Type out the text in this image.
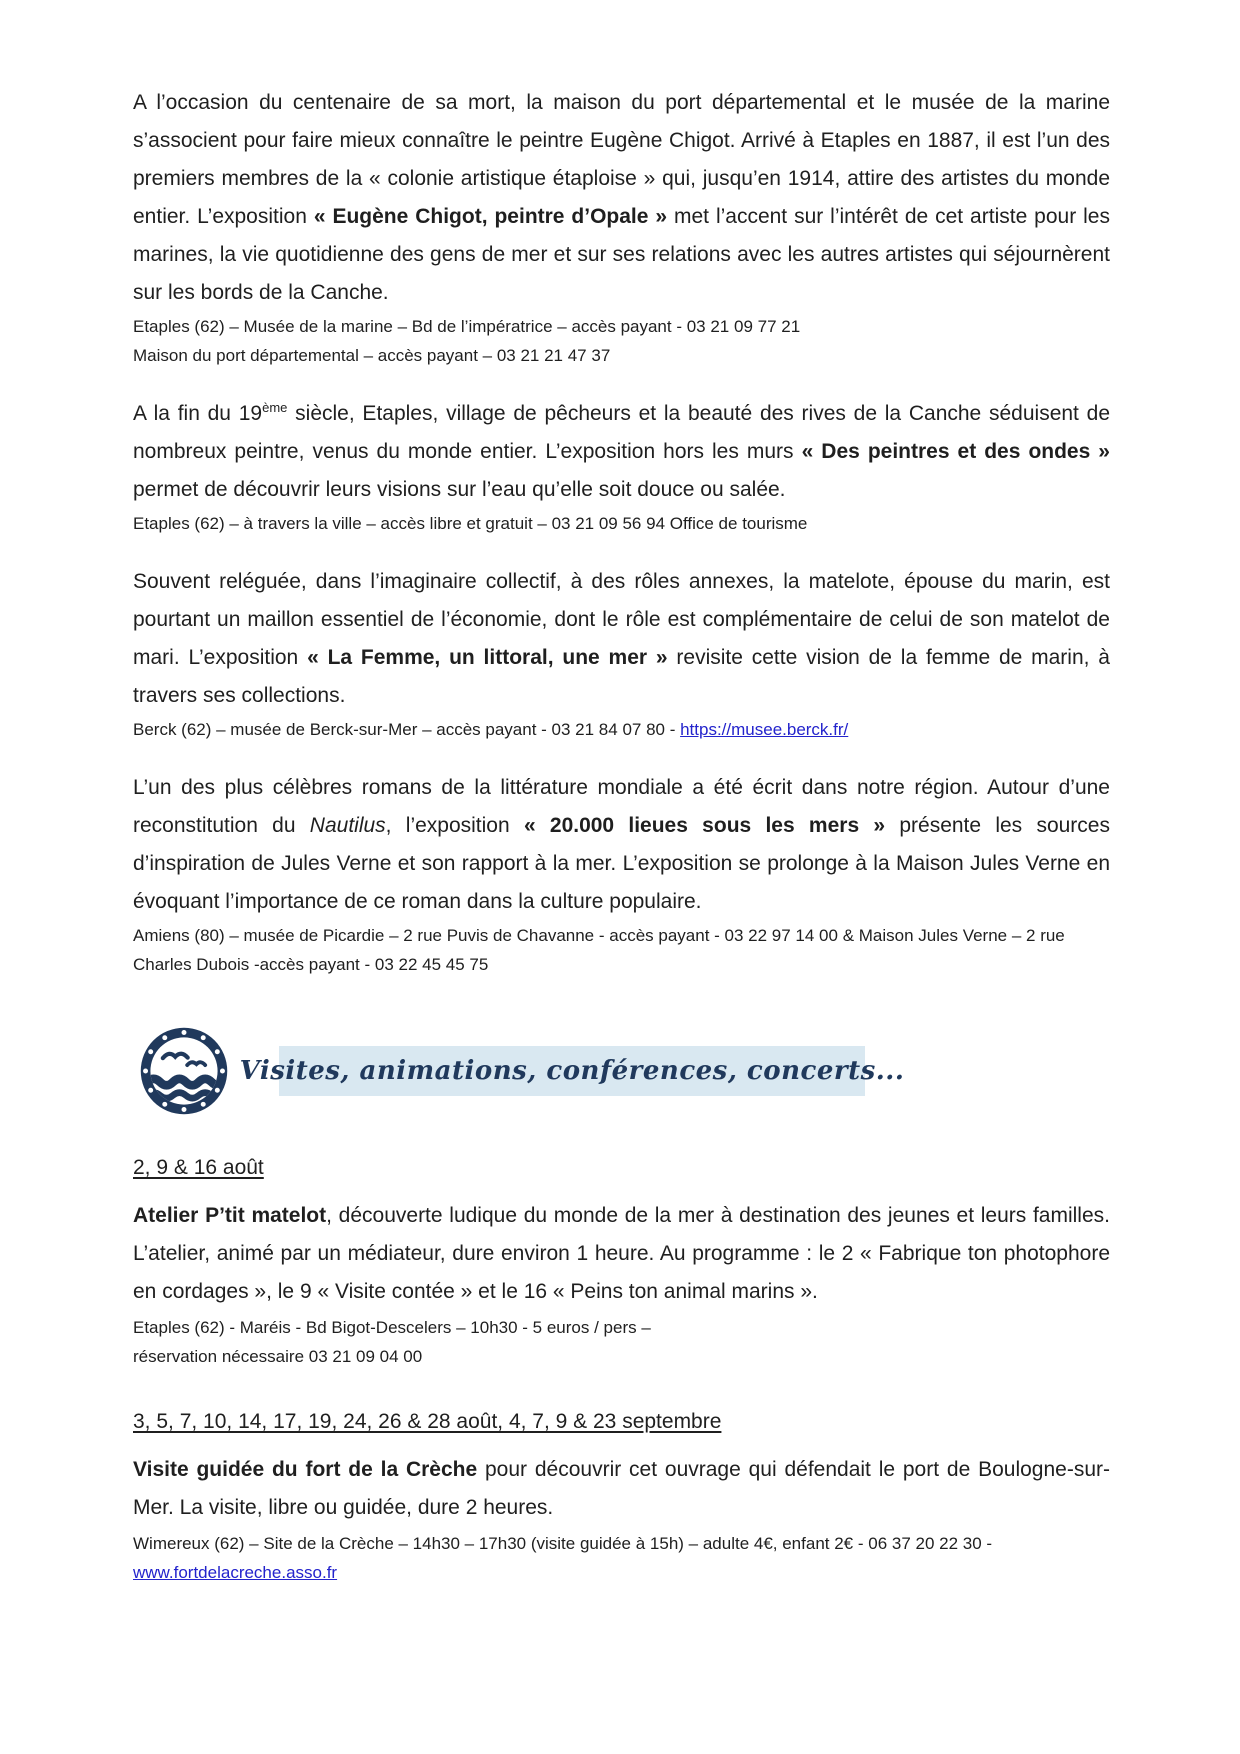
A l’occasion du centenaire de sa mort, la maison du port départemental et le musée de la marine s’associent pour faire mieux connaître le peintre Eugène Chigot. Arrivé à Etaples en 1887, il est l’un des premiers membres de la « colonie artistique étaploise » qui, jusqu’en 1914, attire des artistes du monde entier. L’exposition « Eugène Chigot, peintre d’Opale » met l’accent sur l’intérêt de cet artiste pour les marines, la vie quotidienne des gens de mer et sur ses relations avec les autres artistes qui séjournèrent sur les bords de la Canche.

Etaples (62) – Musée de la marine – Bd de l’impératrice – accès payant - 03 21 09 77 21
Maison du port départemental – accès payant – 03 21 21 47 37

A la fin du 19ème siècle, Etaples, village de pêcheurs et la beauté des rives de la Canche séduisent de nombreux peintre, venus du monde entier. L’exposition hors les murs « Des peintres et des ondes » permet de découvrir leurs visions sur l’eau qu’elle soit douce ou salée.

Etaples (62) – à travers la ville – accès libre et gratuit – 03 21 09 56 94 Office de tourisme

Souvent reléguée, dans l’imaginaire collectif, à des rôles annexes, la matelote, épouse du marin, est pourtant un maillon essentiel de l’économie, dont le rôle est complémentaire de celui de son matelot de mari. L’exposition « La Femme, un littoral, une mer » revisite cette vision de la femme de marin, à travers ses collections.

Berck (62) – musée de Berck-sur-Mer – accès payant - 03 21 84 07 80 - https://musee.berck.fr/

L’un des plus célèbres romans de la littérature mondiale a été écrit dans notre région. Autour d’une reconstitution du Nautilus, l’exposition « 20.000 lieues sous les mers » présente les sources d’inspiration de Jules Verne et son rapport à la mer. L’exposition se prolonge à la Maison Jules Verne en évoquant l’importance de ce roman dans la culture populaire.

Amiens (80) – musée de Picardie – 2 rue Puvis de Chavanne - accès payant - 03 22 97 14 00 & Maison Jules Verne – 2 rue Charles Dubois -accès payant - 03 22 45 45 75
Visites, animations, conférences, concerts...
2, 9 & 16 août

Atelier P’tit matelot, découverte ludique du monde de la mer à destination des jeunes et leurs familles. L’atelier, animé par un médiateur, dure environ 1 heure. Au programme : le 2 « Fabrique ton photophore en cordages », le 9 « Visite contée » et le 16 « Peins ton animal marins ».

Etaples (62) - Maréis - Bd Bigot-Descelers – 10h30 - 5 euros / pers –
réservation nécessaire 03 21 09 04 00
3, 5, 7, 10, 14, 17, 19, 24, 26 & 28 août, 4, 7, 9 & 23 septembre

Visite guidée du fort de la Crèche pour découvrir cet ouvrage qui défendait le port de Boulogne-sur-Mer. La visite, libre ou guidée, dure 2 heures.

Wimereux (62) – Site de la Crèche – 14h30 – 17h30 (visite guidée à 15h) – adulte 4€, enfant 2€ - 06 37 20 22 30 - www.fortdelacreche.asso.fr
